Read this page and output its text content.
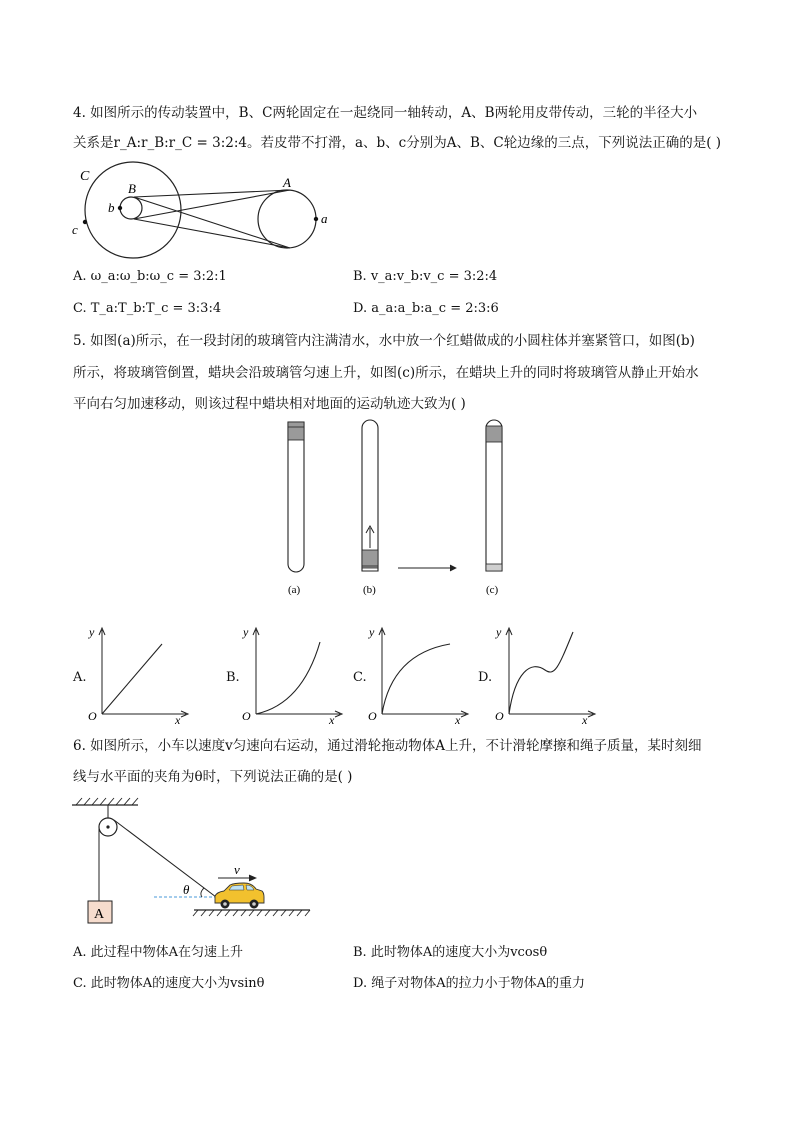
4. 如图所示的传动装置中，B、C两轮固定在一起绕同一轴转动，A、B两轮用皮带传动，三轮的半径大小
关系是r_A:r_B:r_C = 3:2:4。若皮带不打滑，a、b、c分别为A、B、C轮边缘的三点，下列说法正确的是( )
C
B
b
c
A
a
A. ω_a:ω_b:ω_c = 3:2:1	B. v_a:v_b:v_c = 3:2:4
C. T_a:T_b:T_c = 3:3:4	D. a_a:a_b:a_c = 2:3:6
5. 如图(a)所示，在一段封闭的玻璃管内注满清水，水中放一个红蜡做成的小圆柱体并塞紧管口，如图(b)
所示，将玻璃管倒置，蜡块会沿玻璃管匀速上升，如图(c)所示，在蜡块上升的同时将玻璃管从静止开始水
平向右匀加速移动，则该过程中蜡块相对地面的运动轨迹大致为( )
(a)	(b)	(c)
A.
y
O	x
B.
y
O	x
C.
y
O	x
D.
y
O	x
6. 如图所示，小车以速度v匀速向右运动，通过滑轮拖动物体A上升，不计滑轮摩擦和绳子质量，某时刻细
线与水平面的夹角为θ时，下列说法正确的是( )
A
θ
v
A. 此过程中物体A在匀速上升	B. 此时物体A的速度大小为vcosθ
C. 此时物体A的速度大小为vsinθ	D. 绳子对物体A的拉力小于物体A的重力
